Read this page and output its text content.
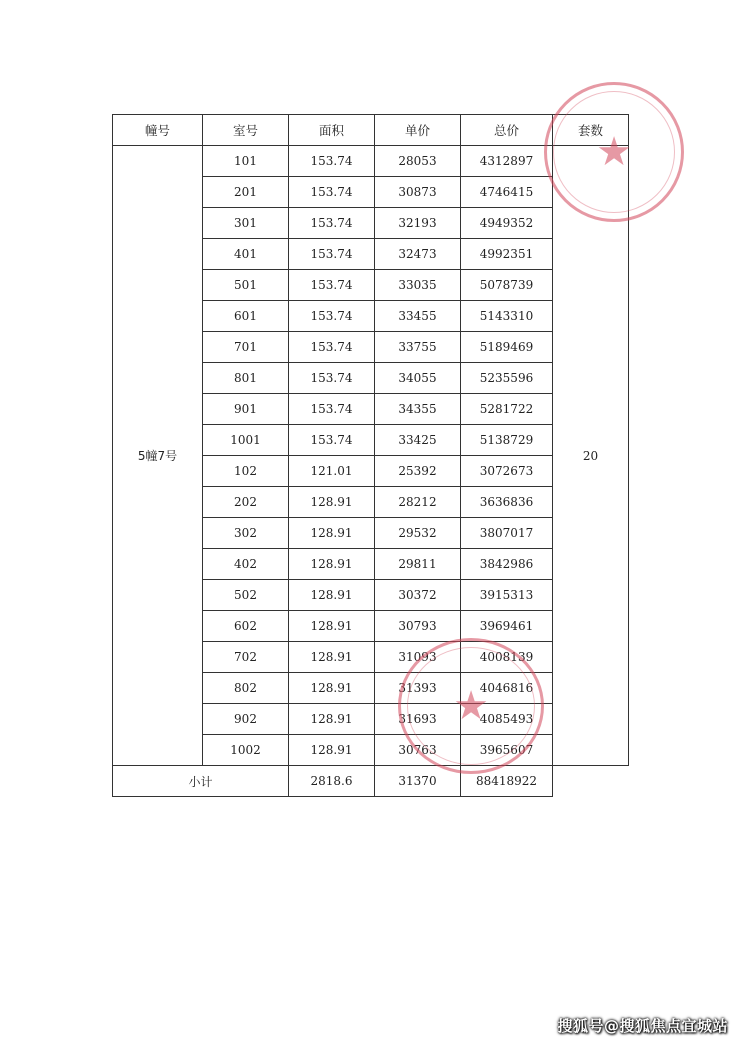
幢号	室号	面积	单价	总价	套数
5幢7号	101	153.74	28053	4312897	20
	201	153.74	30873	4746415	
	301	153.74	32193	4949352	
	401	153.74	32473	4992351	
	501	153.74	33035	5078739	
	601	153.74	33455	5143310	
	701	153.74	33755	5189469	
	801	153.74	34055	5235596	
	901	153.74	34355	5281722	
	1001	153.74	33425	5138729	
	102	121.01	25392	3072673	
	202	128.91	28212	3636836	
	302	128.91	29532	3807017	
	402	128.91	29811	3842986	
	502	128.91	30372	3915313	
	602	128.91	30793	3969461	
	702	128.91	31093	4008139	
	802	128.91	31393	4046816	
	902	128.91	31693	4085493	
	1002	128.91	30763	3965607	
小计		2818.6	31370	88418922	
★
★
搜狐号@搜狐焦点宜城站
